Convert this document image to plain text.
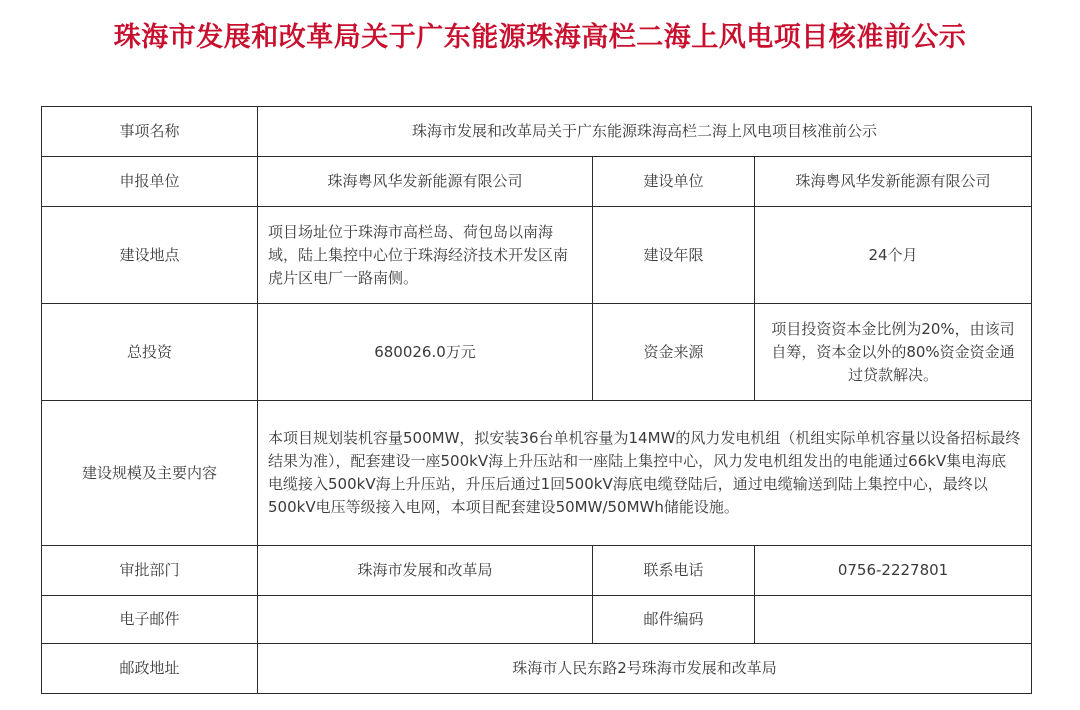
珠海市发展和改革局关于广东能源珠海高栏二海上风电项目核准前公示
事项名称	珠海市发展和改革局关于广东能源珠海高栏二海上风电项目核准前公示		
申报单位	珠海粤风华发新能源有限公司	建设单位	珠海粤风华发新能源有限公司
建设地点	项目场址位于珠海市高栏岛、荷包岛以南海域，陆上集控中心位于珠海经济技术开发区南虎片区电厂一路南侧。	建设年限	24个月
总投资	680026.0万元	资金来源	项目投资资本金比例为20%，由该司自筹，资本金以外的80%资金资金通过贷款解决。
建设规模及主要内容	本项目规划装机容量500MW，拟安装36台单机容量为14MW的风力发电机组（机组实际单机容量以设备招标最终结果为准），配套建设一座500kV海上升压站和一座陆上集控中心，风力发电机组发出的电能通过66kV集电海底电缆接入500kV海上升压站，升压后通过1回500kV海底电缆登陆后，通过电缆输送到陆上集控中心，最终以500kV电压等级接入电网，本项目配套建设50MW/50MWh储能设施。		
审批部门	珠海市发展和改革局	联系电话	0756-2227801
电子邮件		邮件编码	
邮政地址	珠海市人民东路2号珠海市发展和改革局		
